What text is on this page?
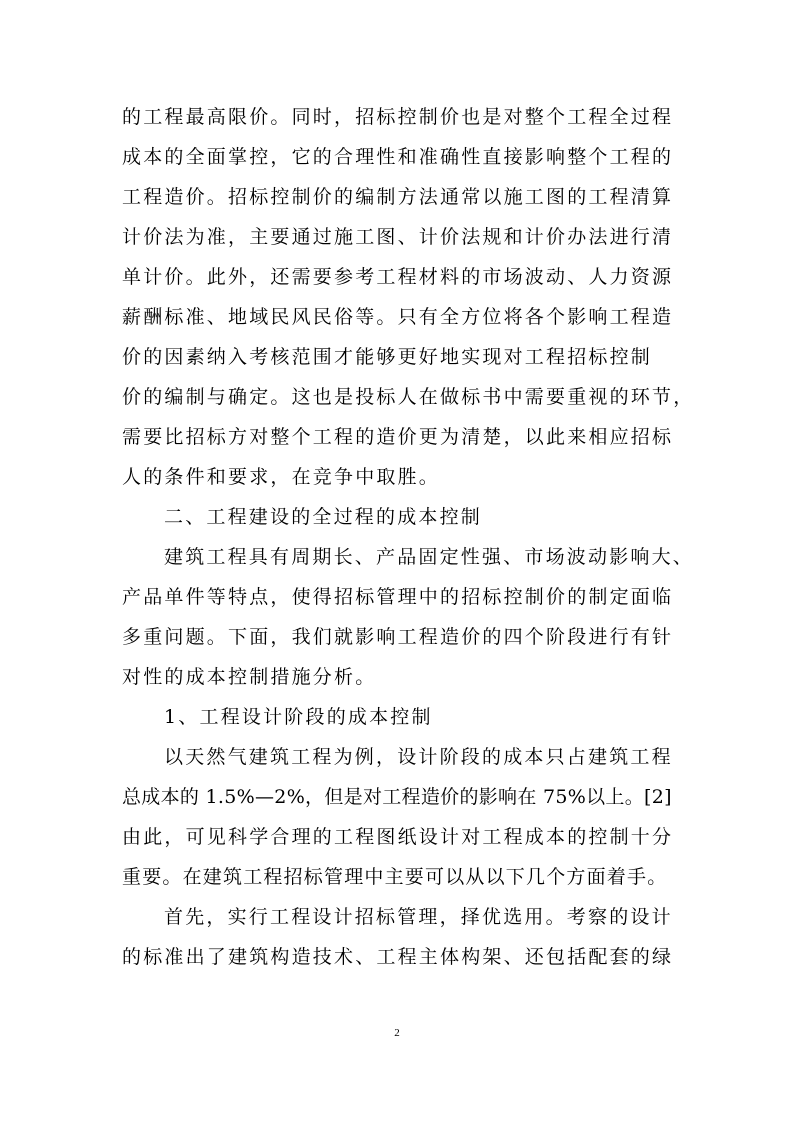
的工程最高限价。同时，招标控制价也是对整个工程全过程
成本的全面掌控，它的合理性和准确性直接影响整个工程的
工程造价。招标控制价的编制方法通常以施工图的工程清算
计价法为准，主要通过施工图、计价法规和计价办法进行清
单计价。此外，还需要参考工程材料的市场波动、人力资源
薪酬标准、地域民风民俗等。只有全方位将各个影响工程造
价的因素纳入考核范围才能够更好地实现对工程招标控制
价的编制与确定。这也是投标人在做标书中需要重视的环节，
需要比招标方对整个工程的造价更为清楚，以此来相应招标
人的条件和要求，在竞争中取胜。
二、工程建设的全过程的成本控制
建筑工程具有周期长、产品固定性强、市场波动影响大、
产品单件等特点，使得招标管理中的招标控制价的制定面临
多重问题。下面，我们就影响工程造价的四个阶段进行有针
对性的成本控制措施分析。
1、工程设计阶段的成本控制
以天然气建筑工程为例，设计阶段的成本只占建筑工程
总成本的 1.5%—2%，但是对工程造价的影响在 75%以上。[2]
由此，可见科学合理的工程图纸设计对工程成本的控制十分
重要。在建筑工程招标管理中主要可以从以下几个方面着手。
首先，实行工程设计招标管理，择优选用。考察的设计
的标准出了建筑构造技术、工程主体构架、还包括配套的绿
2
